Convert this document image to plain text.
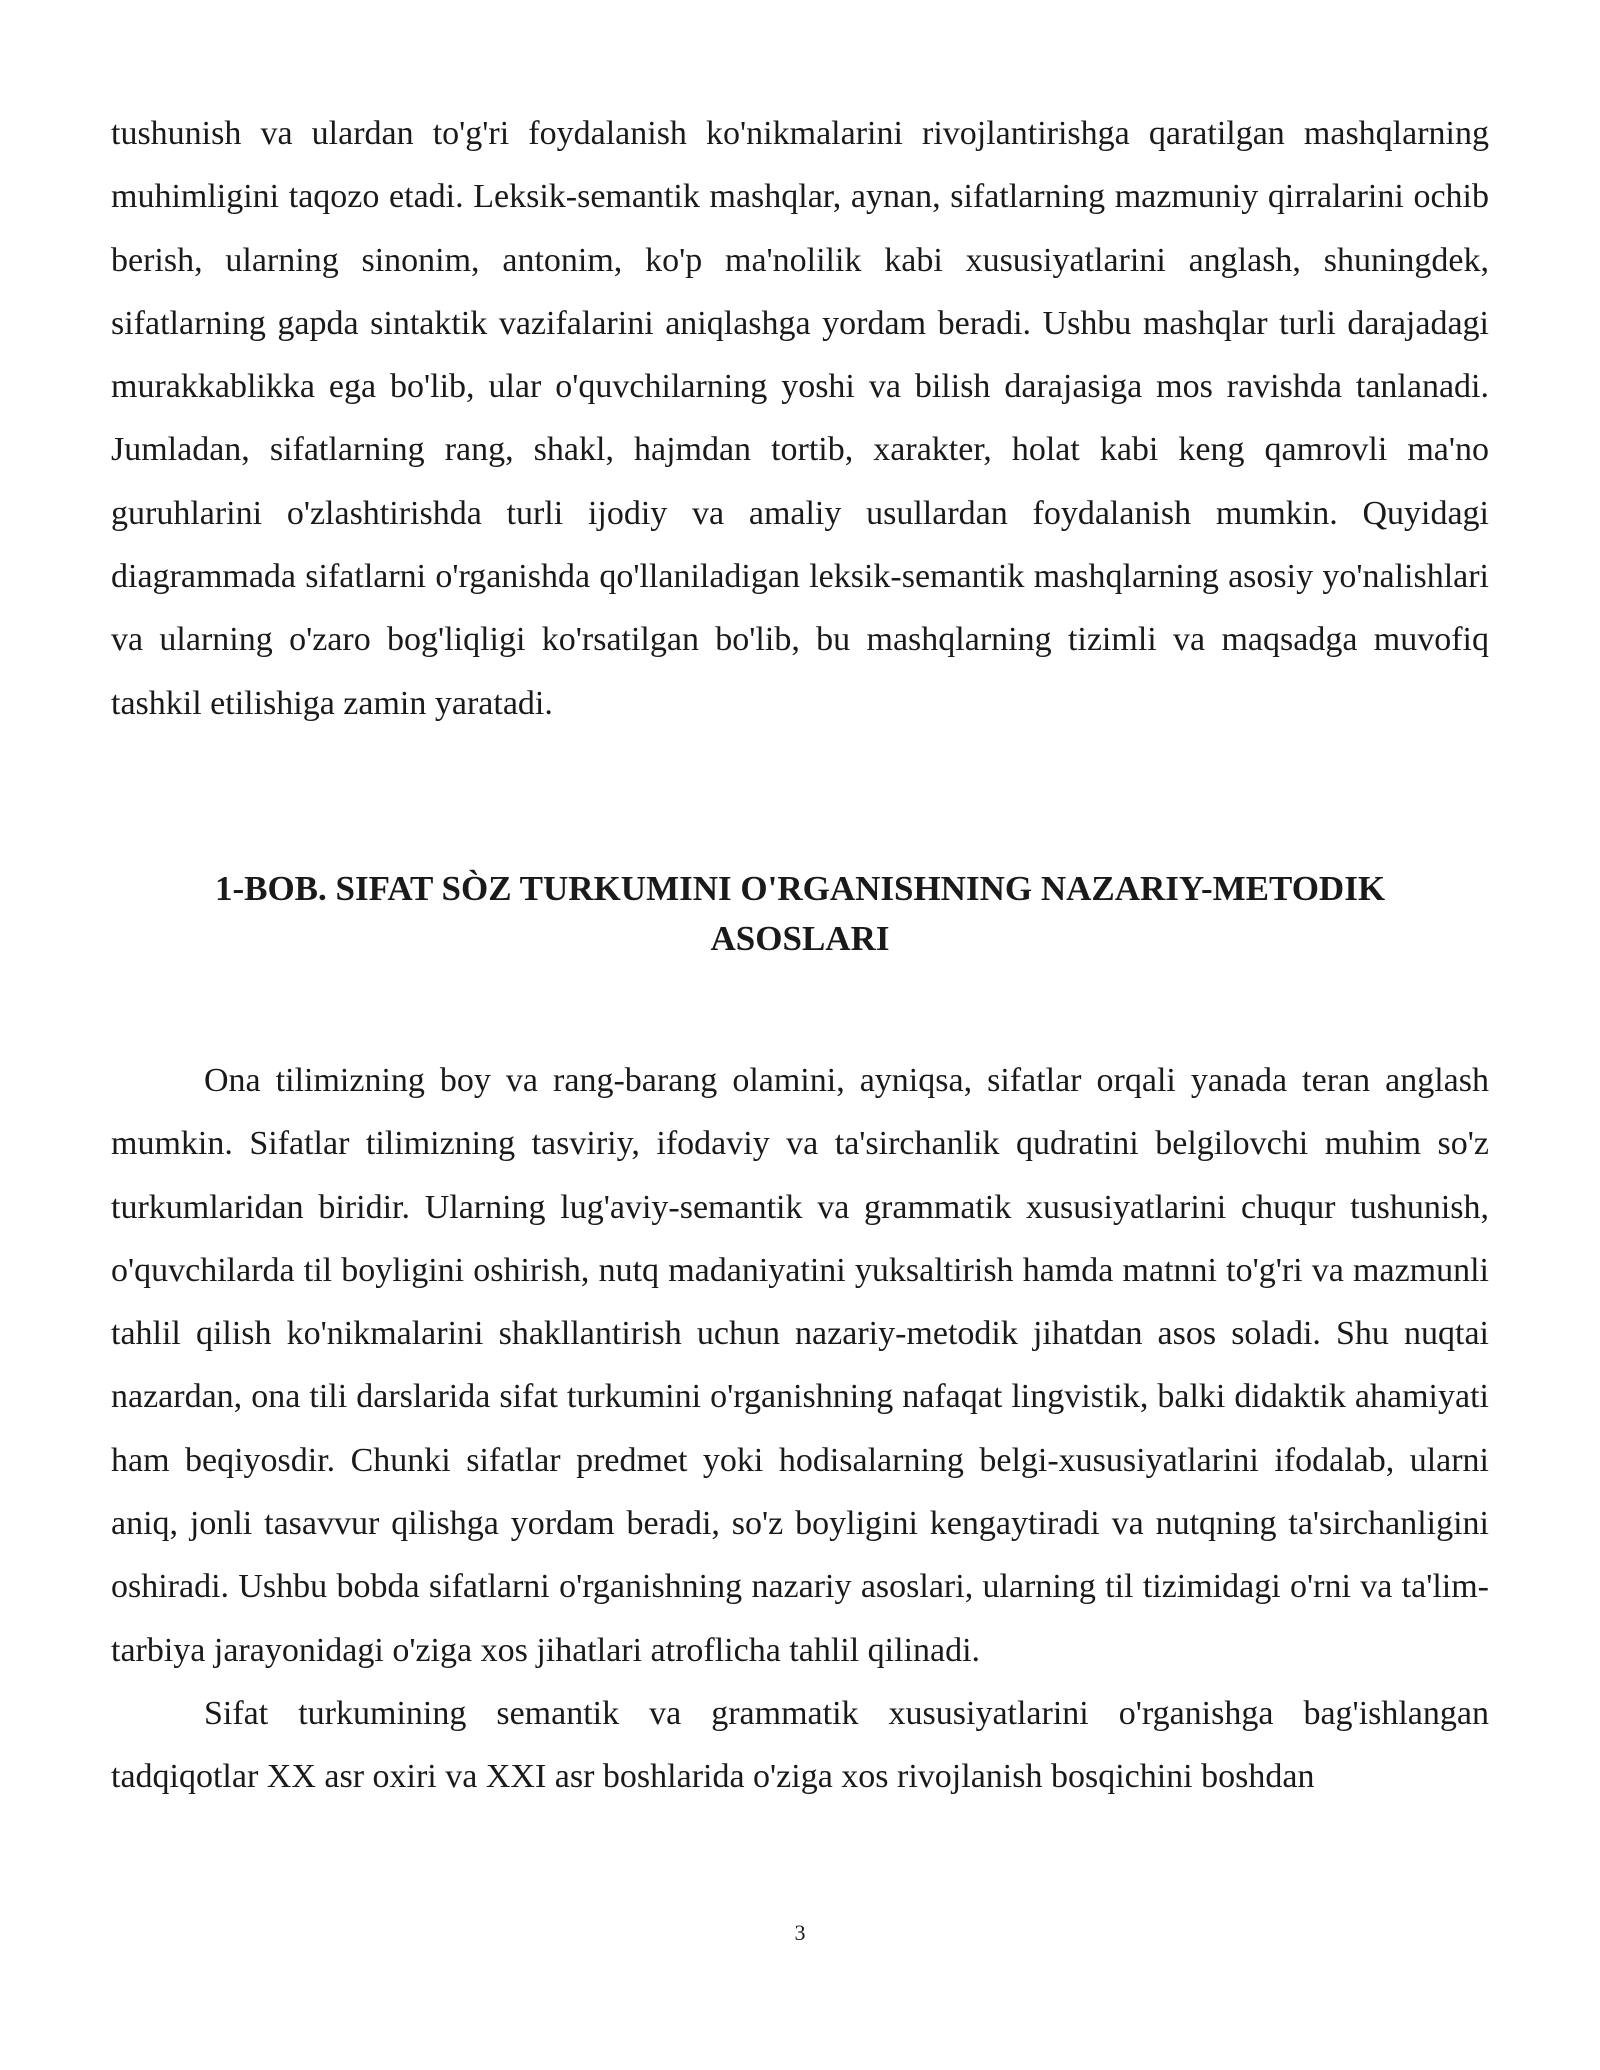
tushunish va ulardan to'g'ri foydalanish ko'nikmalarini rivojlantirishga qaratilgan mashqlarning muhimligini taqozo etadi. Leksik-semantik mashqlar, aynan, sifatlarning mazmuniy qirralarini ochib berish, ularning sinonim, antonim, ko'p ma'nolilik kabi xususiyatlarini anglash, shuningdek, sifatlarning gapda sintaktik vazifalarini aniqlashga yordam beradi. Ushbu mashqlar turli darajadagi murakkablikka ega bo'lib, ular o'quvchilarning yoshi va bilish darajasiga mos ravishda tanlanadi. Jumladan, sifatlarning rang, shakl, hajmdan tortib, xarakter, holat kabi keng qamrovli ma'no guruhlarini o'zlashtirishda turli ijodiy va amaliy usullardan foydalanish mumkin. Quyidagi diagrammada sifatlarni o'rganishda qo'llaniladigan leksik-semantik mashqlarning asosiy yo'nalishlari va ularning o'zaro bog'liqligi ko'rsatilgan bo'lib, bu mashqlarning tizimli va maqsadga muvofiq tashkil etilishiga zamin yaratadi.

1-BOB. SIFAT SÒZ TURKUMINI O'RGANISHNING NAZARIY-METODIK
ASOSLARI

Ona tilimizning boy va rang-barang olamini, ayniqsa, sifatlar orqali yanada teran anglash mumkin. Sifatlar tilimizning tasviriy, ifodaviy va ta'sirchanlik qudratini belgilovchi muhim so'z turkumlaridan biridir. Ularning lug'aviy-semantik va grammatik xususiyatlarini chuqur tushunish, o'quvchilarda til boyligini oshirish, nutq madaniyatini yuksaltirish hamda matnni to'g'ri va mazmunli tahlil qilish ko'nikmalarini shakllantirish uchun nazariy-metodik jihatdan asos soladi. Shu nuqtai nazardan, ona tili darslarida sifat turkumini o'rganishning nafaqat lingvistik, balki didaktik ahamiyati ham beqiyosdir. Chunki sifatlar predmet yoki hodisalarning belgi-xususiyatlarini ifodalab, ularni aniq, jonli tasavvur qilishga yordam beradi, so'z boyligini kengaytiradi va nutqning ta'sirchanligini oshiradi. Ushbu bobda sifatlarni o'rganishning nazariy asoslari, ularning til tizimidagi o'rni va ta'lim-tarbiya jarayonidagi o'ziga xos jihatlari atroflicha tahlil qilinadi.

Sifat turkumining semantik va grammatik xususiyatlarini o'rganishga bag'ishlangan tadqiqotlar XX asr oxiri va XXI asr boshlarida o'ziga xos rivojlanish bosqichini boshdan

3
